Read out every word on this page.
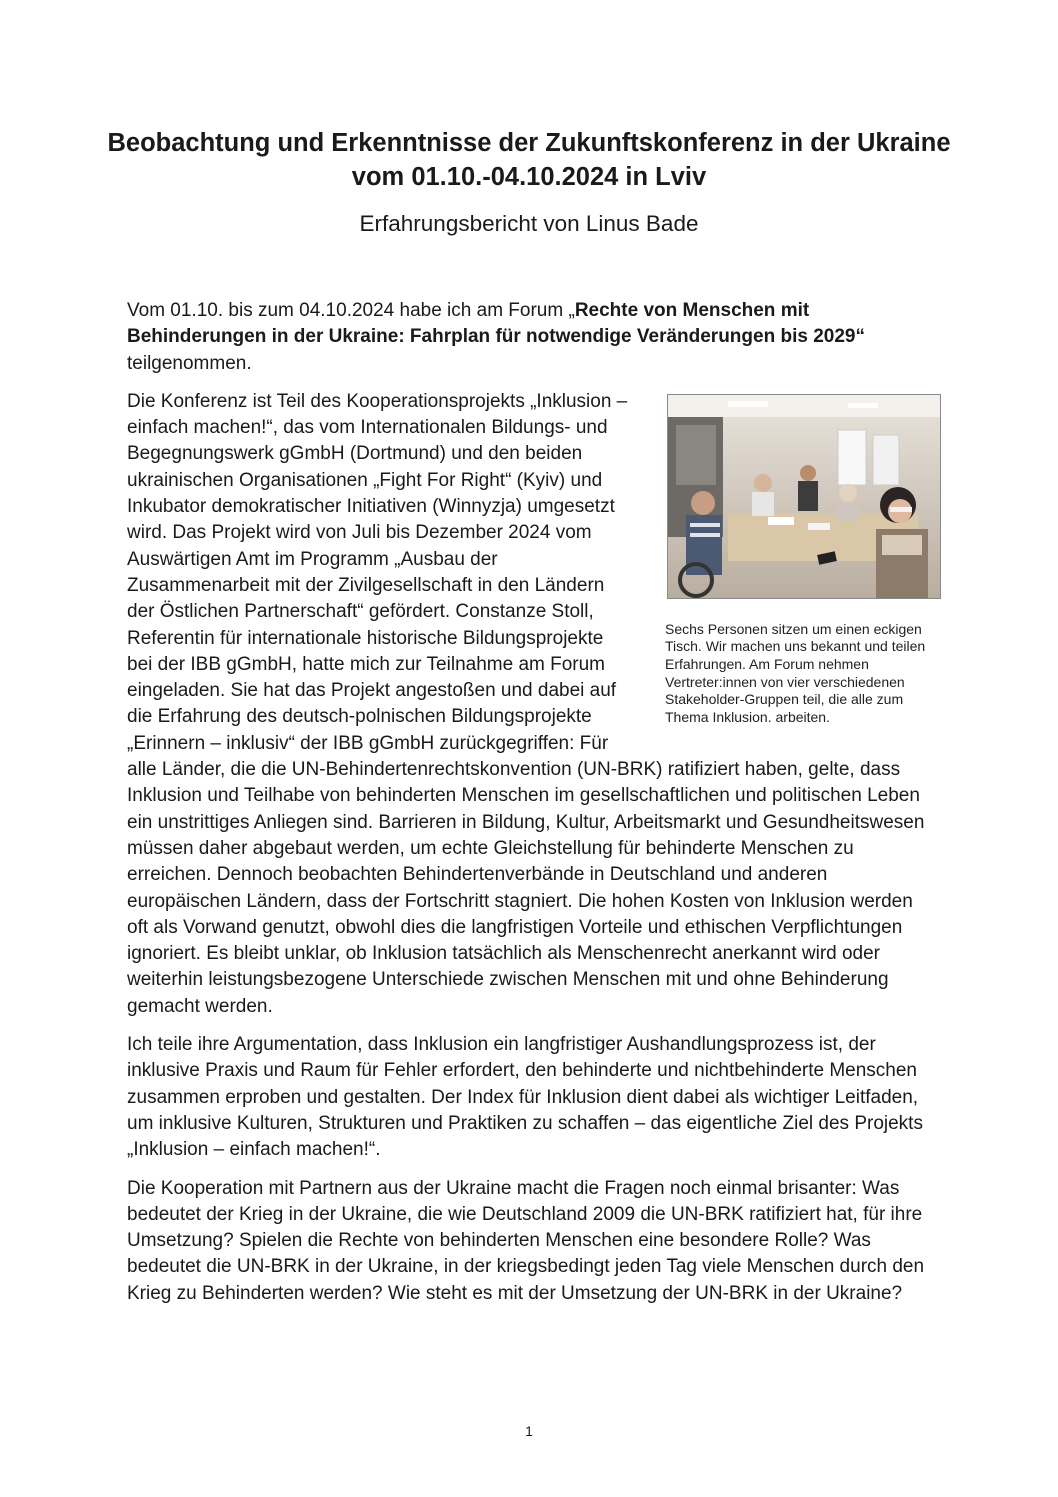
Beobachtung und Erkenntnisse der Zukunftskonferenz in der Ukraine vom 01.10.-04.10.2024 in Lviv
Erfahrungsbericht von Linus Bade

Vom 01.10. bis zum 04.10.2024 habe ich am Forum „Rechte von Menschen mit Behinderungen in der Ukraine: Fahrplan für notwendige Veränderungen bis 2029“ teilgenommen.

Sechs Personen sitzen um einen eckigen Tisch. Wir machen uns bekannt und teilen Erfahrungen. Am Forum nehmen Vertreter:innen von vier verschiedenen Stakeholder-Gruppen teil, die alle zum Thema Inklusion. arbeiten.

Die Konferenz ist Teil des Kooperationsprojekts „Inklusion – einfach machen!“, das vom Internationalen Bildungs- und Begegnungswerk gGmbH (Dortmund) und den beiden ukrainischen Organisationen „Fight For Right“ (Kyiv) und Inkubator demokratischer Initiativen (Winnyzja) umgesetzt wird. Das Projekt wird von Juli bis Dezember 2024 vom Auswärtigen Amt im Programm „Ausbau der Zusammenarbeit mit der Zivilgesellschaft in den Ländern der Östlichen Partnerschaft“ gefördert. Constanze Stoll, Referentin für internationale historische Bildungsprojekte bei der IBB gGmbH, hatte mich zur Teilnahme am Forum eingeladen. Sie hat das Projekt angestoßen und dabei auf die Erfahrung des deutsch-polnischen Bildungsprojekte „Erinnern – inklusiv“ der IBB gGmbH zurückgegriffen: Für alle Länder, die die UN-Behindertenrechtskonvention (UN-BRK) ratifiziert haben, gelte, dass Inklusion und Teilhabe von behinderten Menschen im gesellschaftlichen und politischen Leben ein unstrittiges Anliegen sind. Barrieren in Bildung, Kultur, Arbeitsmarkt und Gesundheitswesen müssen daher abgebaut werden, um echte Gleichstellung für behinderte Menschen zu erreichen. Dennoch beobachten Behindertenverbände in Deutschland und anderen europäischen Ländern, dass der Fortschritt stagniert. Die hohen Kosten von Inklusion werden oft als Vorwand genutzt, obwohl dies die langfristigen Vorteile und ethischen Verpflichtungen ignoriert. Es bleibt unklar, ob Inklusion tatsächlich als Menschenrecht anerkannt wird oder weiterhin leistungsbezogene Unterschiede zwischen Menschen mit und ohne Behinderung gemacht werden.

Ich teile ihre Argumentation, dass Inklusion ein langfristiger Aushandlungsprozess ist, der inklusive Praxis und Raum für Fehler erfordert, den behinderte und nichtbehinderte Menschen zusammen erproben und gestalten. Der Index für Inklusion dient dabei als wichtiger Leitfaden, um inklusive Kulturen, Strukturen und Praktiken zu schaffen – das eigentliche Ziel des Projekts „Inklusion – einfach machen!“.

Die Kooperation mit Partnern aus der Ukraine macht die Fragen noch einmal brisanter: Was bedeutet der Krieg in der Ukraine, die wie Deutschland 2009 die UN-BRK ratifiziert hat, für ihre Umsetzung? Spielen die Rechte von behinderten Menschen eine besondere Rolle? Was bedeutet die UN-BRK in der Ukraine, in der kriegsbedingt jeden Tag viele Menschen durch den Krieg zu Behinderten werden? Wie steht es mit der Umsetzung der UN-BRK in der Ukraine?

1
